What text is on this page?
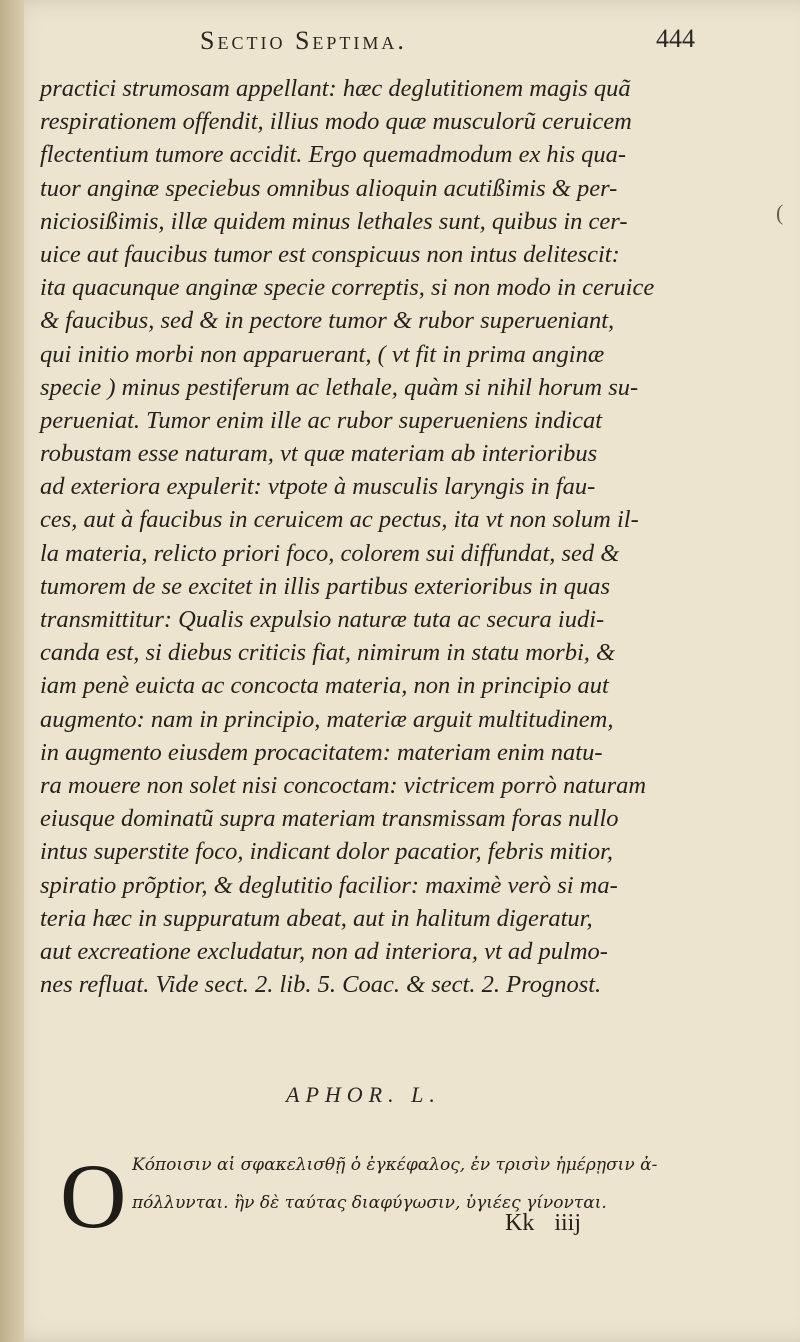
Sectio Septima.	444
practici strumosam appellant: hæc deglutitionem magis quã
respirationem offendit, illius modo quæ musculorũ ceruicem
flectentium tumore accidit. Ergo quemadmodum ex his qua-
tuor anginæ speciebus omnibus alioquin acutißimis & per-
niciosißimis, illæ quidem minus lethales sunt, quibus in cer-
uice aut faucibus tumor est conspicuus non intus delitescit:
ita quacunque anginæ specie correptis, si non modo in ceruice
& faucibus, sed & in pectore tumor & rubor superueniant,
qui initio morbi non apparuerant, ( vt fit in prima anginæ
specie ) minus pestiferum ac lethale, quàm si nihil horum su-
perueniat. Tumor enim ille ac rubor superueniens indicat
robustam esse naturam, vt quæ materiam ab interioribus
ad exteriora expulerit: vtpote à musculis laryngis in fau-
ces, aut à faucibus in ceruicem ac pectus, ita vt non solum il-
la materia, relicto priori foco, colorem sui diffundat, sed &
tumorem de se excitet in illis partibus exterioribus in quas
transmittitur: Qualis expulsio naturæ tuta ac secura iudi-
canda est, si diebus criticis fiat, nimirum in statu morbi, &
iam penè euicta ac concocta materia, non in principio aut
augmento: nam in principio, materiæ arguit multitudinem,
in augmento eiusdem procacitatem: materiam enim natu-
ra mouere non solet nisi concoctam: victricem porrò naturam
eiusque dominatũ supra materiam transmissam foras nullo
intus superstite foco, indicant dolor pacatior, febris mitior,
spiratio prõptior, & deglutitio facilior: maximè verò si ma-
teria hæc in suppuratum abeat, aut in halitum digeratur,
aut excreatione excludatur, non ad interiora, vt ad pulmo-
nes refluat. Vide sect. 2. lib. 5. Coac. & sect. 2. Prognost.
APHOR. L.
O Κόποισιν αἱ σφακελισθῇ ὁ ἐγκέφαλος, ἐν τρισὶν ἡμέρῃσιν ἀ-
πόλλυνται. ἢν δὲ ταύτας διαφύγωσιν, ὑγιέες γίνονται.
Kk iiij
(
